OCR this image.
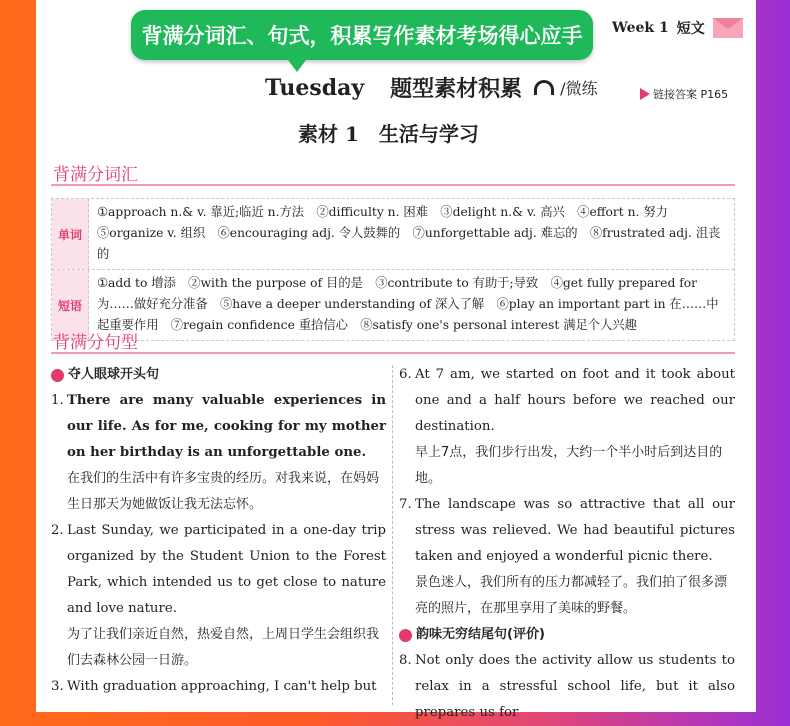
背满分词汇、句式，积累写作素材考场得心应手 Week 1 短文
Tuesday 题型素材积累 /微练	链接答案 P165
素材 1　生活与学习
背满分词汇
单词
①approach n.& v. 靠近;临近 n.方法　②difficulty n. 困难　③delight n.& v. 高兴　④effort n. 努力　⑤organize v. 组织　⑥encouraging adj. 令人鼓舞的　⑦unforgettable adj. 难忘的　⑧frustrated adj. 沮丧的
短语
①add to 增添　②with the purpose of 目的是　③contribute to 有助于;导致　④get fully prepared for 为……做好充分准备　⑤have a deeper understanding of 深入了解　⑥play an important part in 在……中起重要作用　⑦regain confidence 重拾信心　⑧satisfy one's personal interest 满足个人兴趣
背满分句型
夺人眼球开头句
1. There are many valuable experiences in our life. As for me, cooking for my mother on her birthday is an unforgettable one.
在我们的生活中有许多宝贵的经历。对我来说，在妈妈生日那天为她做饭让我无法忘怀。
2. Last Sunday, we participated in a one-day trip organized by the Student Union to the Forest Park, which intended us to get close to nature and love nature.
为了让我们亲近自然，热爱自然，上周日学生会组织我们去森林公园一日游。
3. With graduation approaching, I can't help but
6. At 7 am, we started on foot and it took about one and a half hours before we reached our destination.
早上7点，我们步行出发，大约一个半小时后到达目的地。
7. The landscape was so attractive that all our stress was relieved. We had beautiful pictures taken and enjoyed a wonderful picnic there.
景色迷人，我们所有的压力都减轻了。我们拍了很多漂亮的照片，在那里享用了美味的野餐。
韵味无穷结尾句(评价)
8. Not only does the activity allow us students to relax in a stressful school life, but it also prepares us for
